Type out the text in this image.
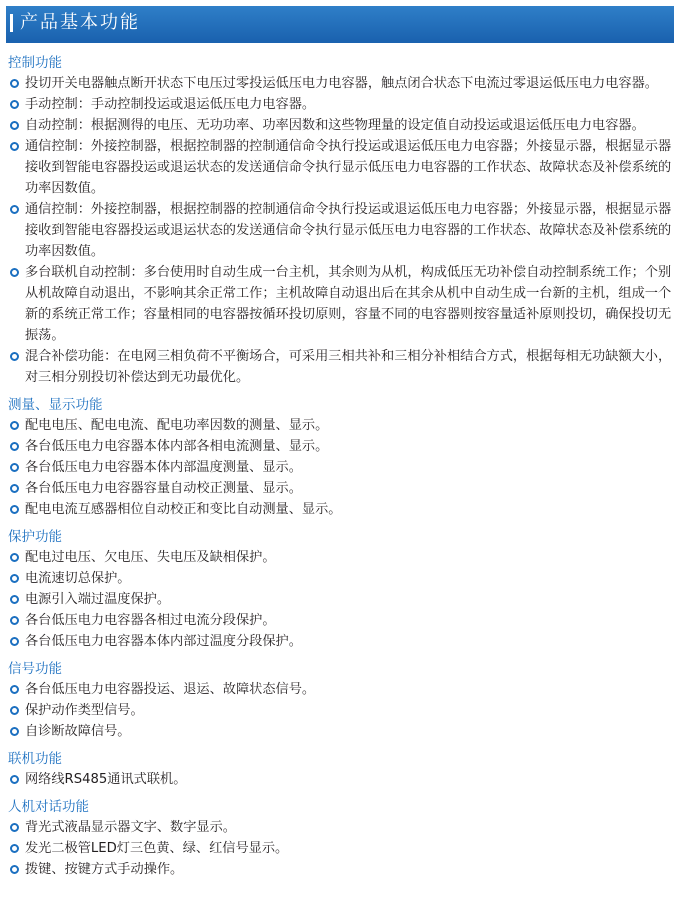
产品基本功能
控制功能
投切开关电器触点断开状态下电压过零投运低压电力电容器，触点闭合状态下电流过零退运低压电力电容器。
手动控制：手动控制投运或退运低压电力电容器。
自动控制：根据测得的电压、无功功率、功率因数和这些物理量的设定值自动投运或退运低压电力电容器。
通信控制：外接控制器，根据控制器的控制通信命令执行投运或退运低压电力电容器；外接显示器，根据显示器接收到智能电容器投运或退运状态的发送通信命令执行显示低压电力电容器的工作状态、故障状态及补偿系统的功率因数值。
通信控制：外接控制器，根据控制器的控制通信命令执行投运或退运低压电力电容器；外接显示器，根据显示器接收到智能电容器投运或退运状态的发送通信命令执行显示低压电力电容器的工作状态、故障状态及补偿系统的功率因数值。
多台联机自动控制：多台使用时自动生成一台主机，其余则为从机，构成低压无功补偿自动控制系统工作；个别从机故障自动退出，不影响其余正常工作；主机故障自动退出后在其余从机中自动生成一台新的主机，组成一个新的系统正常工作；容量相同的电容器按循环投切原则，容量不同的电容器则按容量适补原则投切，确保投切无振荡。
混合补偿功能：在电网三相负荷不平衡场合，可采用三相共补和三相分补相结合方式，根据每相无功缺额大小，对三相分别投切补偿达到无功最优化。
测量、显示功能
配电电压、配电电流、配电功率因数的测量、显示。
各台低压电力电容器本体内部各相电流测量、显示。
各台低压电力电容器本体内部温度测量、显示。
各台低压电力电容器容量自动校正测量、显示。
配电电流互感器相位自动校正和变比自动测量、显示。
保护功能
配电过电压、欠电压、失电压及缺相保护。
电流速切总保护。
电源引入端过温度保护。
各台低压电力电容器各相过电流分段保护。
各台低压电力电容器本体内部过温度分段保护。
信号功能
各台低压电力电容器投运、退运、故障状态信号。
保护动作类型信号。
自诊断故障信号。
联机功能
网络线RS485通讯式联机。
人机对话功能
背光式液晶显示器文字、数字显示。
发光二极管LED灯三色黄、绿、红信号显示。
拨键、按键方式手动操作。
